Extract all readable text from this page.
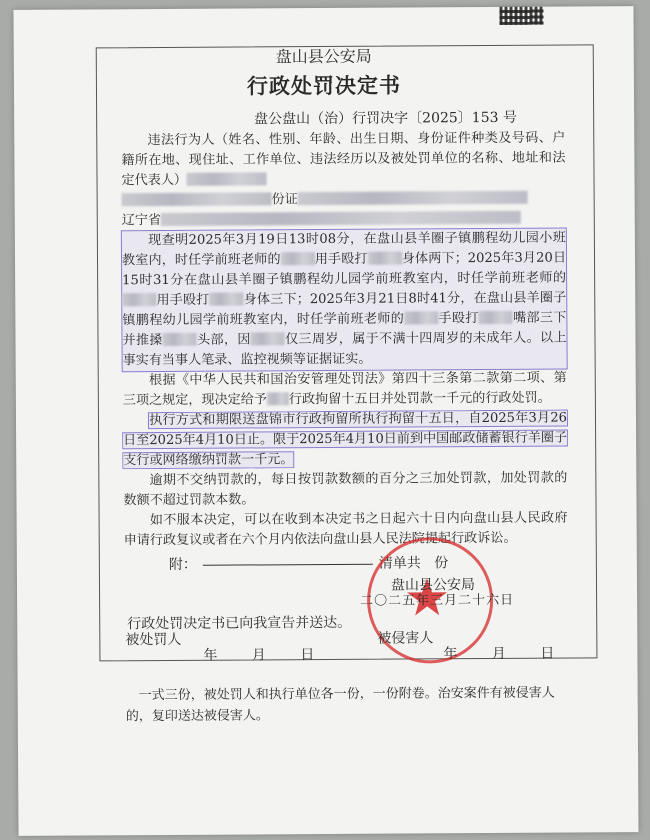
盘山县公安局
行政处罚决定书
盘公盘山（治）行罚决字〔2025〕153 号

违法行为人（姓名、性别、年龄、出生日期、身份证件种类及号码、户籍所在地、现住址、工作单位、违法经历以及被处罚单位的名称、地址和法定代表人）

份证

辽宁省

现查明2025年3月19日13时08分，在盘山县羊圈子镇鹏程幼儿园小班教室内，时任学前班老师的	用手殴打	身体两下；2025年3月20日15时31分在盘山县羊圈子镇鹏程幼儿园学前班教室内，时任学前班老师的用手殴打	身体三下；2025年3月21日8时41分，在盘山县羊圈子镇鹏程幼儿园学前班教室内，时任学前班老师的	手殴打	嘴部三下并推搡	头部，因	仅三周岁，属于不满十四周岁的未成年人。以上事实有当事人笔录、监控视频等证据证实。

根据《中华人民共和国治安管理处罚法》第四十三条第二款第二项、第三项之规定，现决定给予 行政拘留十五日并处罚款一千元的行政处罚。

执行方式和期限送盘锦市行政拘留所执行拘留十五日，自2025年3月26日至2025年4月10日止。限于2025年4月10日前到中国邮政储蓄银行羊圈子支行或网络缴纳罚款一千元。

逾期不交纳罚款的，每日按罚款数额的百分之三加处罚款，加处罚款的数额不超过罚款本数。

如不服本决定，可以在收到本决定书之日起六十日内向盘山县人民政府申请行政复议或者在六个月内依法向盘山县人民法院提起行政诉讼。

附：	清单共 份
盘山县公安局
二〇二五年三月二十六日
行政处罚决定书已向我宣告并送达。
被处罚人	被侵害人
年 月 日	年 月 日

一式三份，被处罚人和执行单位各一份，一份附卷。治安案件有被侵害人的，复印送达被侵害人。
